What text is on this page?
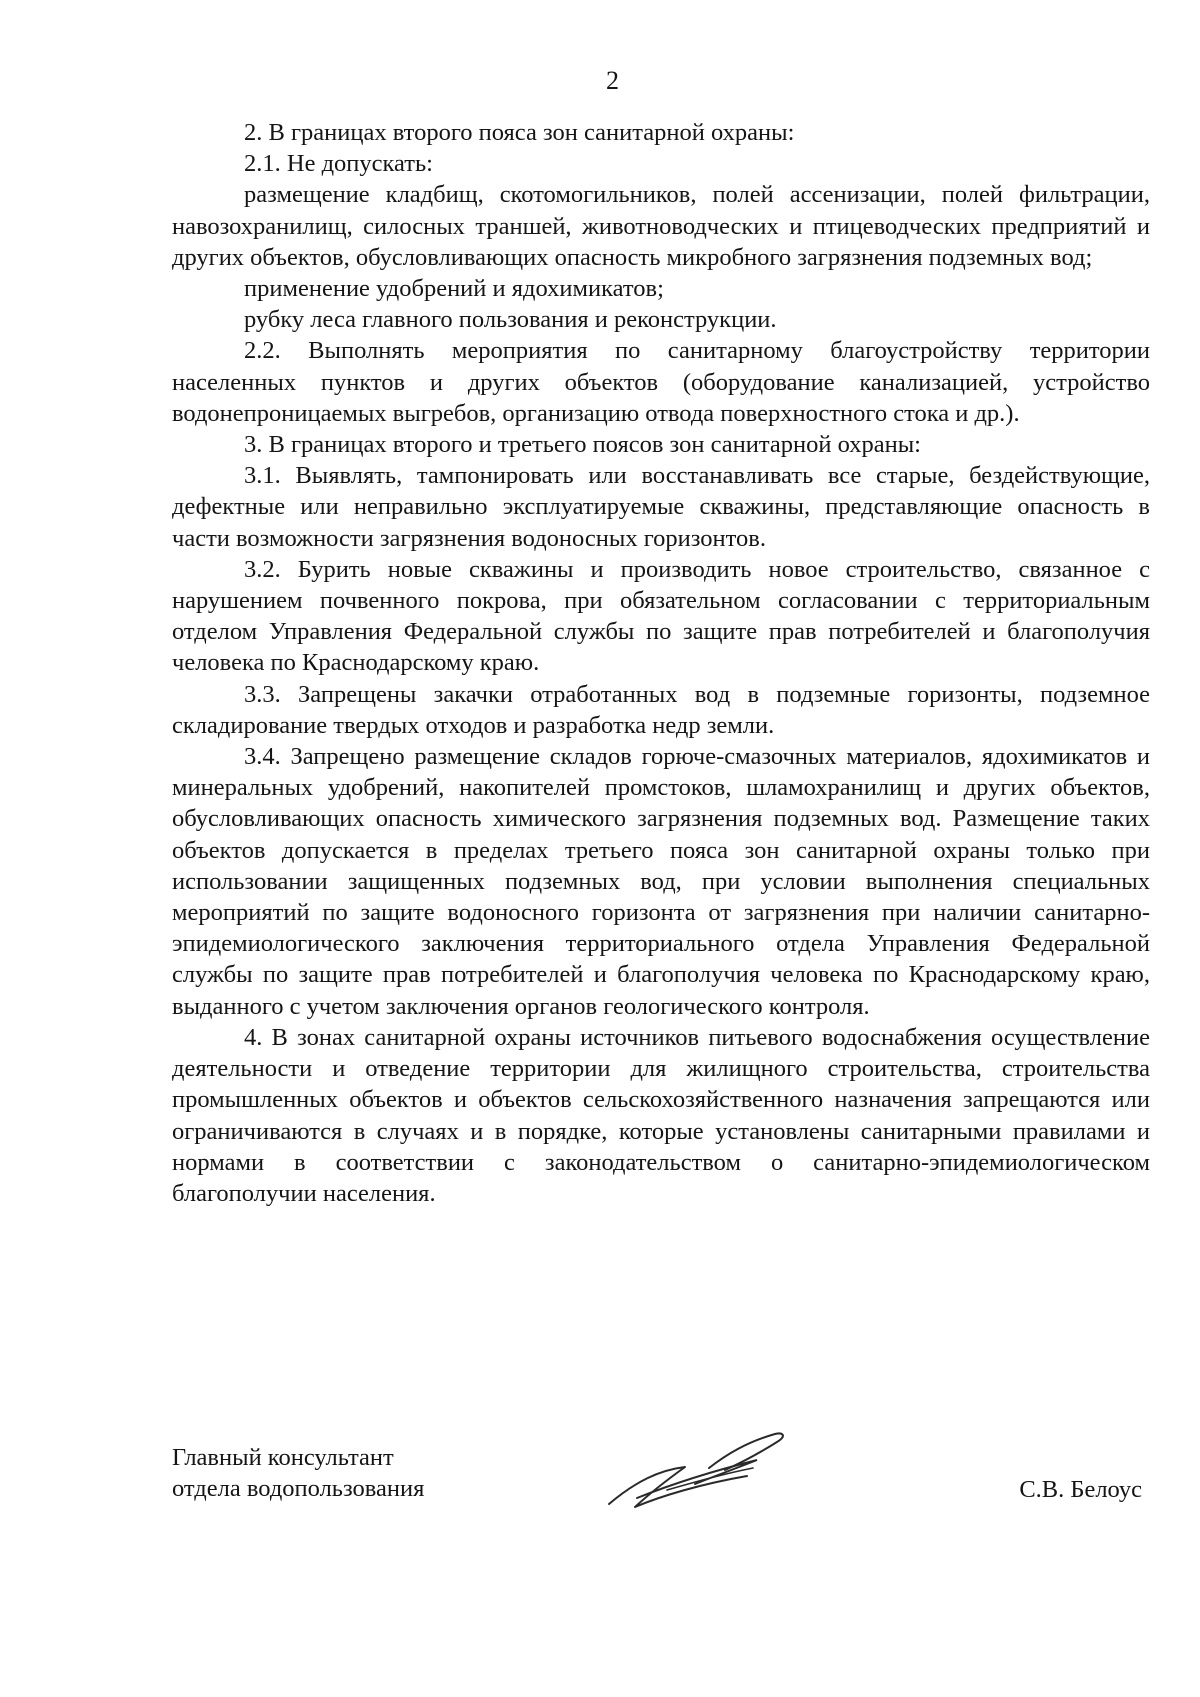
2

2. В границах второго пояса зон санитарной охраны:

2.1. Не допускать:

размещение кладбищ, скотомогильников, полей ассенизации, полей фильтрации, навозохранилищ, силосных траншей, животноводческих и птицеводческих предприятий и других объектов, обусловливающих опасность микробного загрязнения подземных вод;

применение удобрений и ядохимикатов;

рубку леса главного пользования и реконструкции.

2.2. Выполнять мероприятия по санитарному благоустройству территории населенных пунктов и других объектов (оборудование канализацией, устройство водонепроницаемых выгребов, организацию отвода поверхностного стока и др.).

3. В границах второго и третьего поясов зон санитарной охраны:

3.1. Выявлять, тампонировать или восстанавливать все старые, бездействующие, дефектные или неправильно эксплуатируемые скважины, представляющие опасность в части возможности загрязнения водоносных горизонтов.

3.2. Бурить новые скважины и производить новое строительство, связанное с нарушением почвенного покрова, при обязательном согласовании с территориальным отделом Управления Федеральной службы по защите прав потребителей и благополучия человека по Краснодарскому краю.

3.3. Запрещены закачки отработанных вод в подземные горизонты, подземное складирование твердых отходов и разработка недр земли.

3.4. Запрещено размещение складов горюче-смазочных материалов, ядохимикатов и минеральных удобрений, накопителей промстоков, шламохранилищ и других объектов, обусловливающих опасность химического загрязнения подземных вод. Размещение таких объектов допускается в пределах третьего пояса зон санитарной охраны только при использовании защищенных подземных вод, при условии выполнения специальных мероприятий по защите водоносного горизонта от загрязнения при наличии санитарно-эпидемиологического заключения территориального отдела Управления Федеральной службы по защите прав потребителей и благополучия человека по Краснодарскому краю, выданного с учетом заключения органов геологического контроля.

4. В зонах санитарной охраны источников питьевого водоснабжения осуществление деятельности и отведение территории для жилищного строительства, строительства промышленных объектов и объектов сельскохозяйственного назначения запрещаются или ограничиваются в случаях и в порядке, которые установлены санитарными правилами и нормами в соответствии с законодательством о санитарно-эпидемиологическом благополучии населения.

Главный консультант
отдела водопользования	С.В. Белоус
